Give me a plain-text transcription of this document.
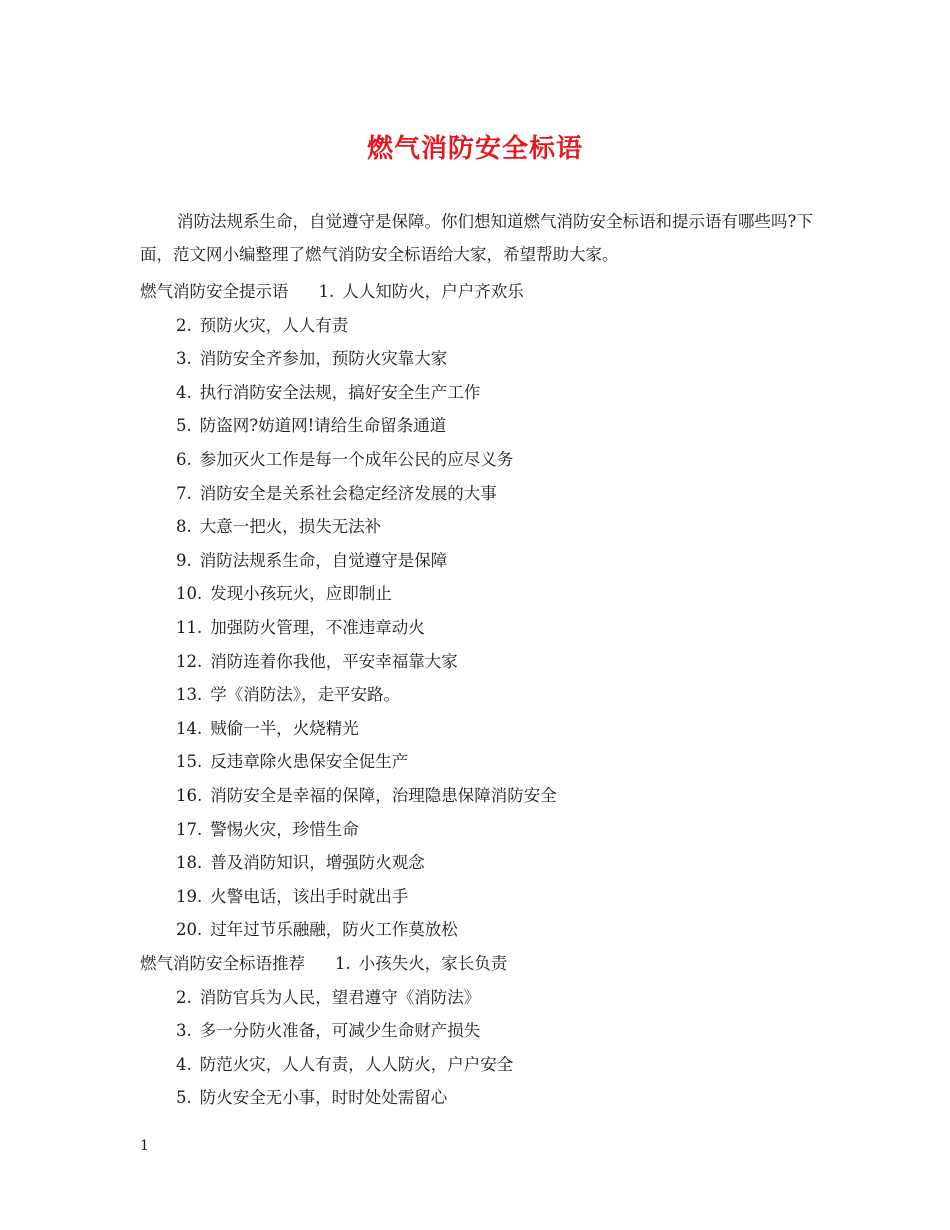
燃气消防安全标语
消防法规系生命，自觉遵守是保障。你们想知道燃气消防安全标语和提示语有哪些吗?下面，范文网小编整理了燃气消防安全标语给大家，希望帮助大家。
燃气消防安全提示语 1. 人人知防火，户户齐欢乐
2. 预防火灾，人人有责
3. 消防安全齐参加，预防火灾靠大家
4. 执行消防安全法规，搞好安全生产工作
5. 防盗网?妨道网!请给生命留条通道
6. 参加灭火工作是每一个成年公民的应尽义务
7. 消防安全是关系社会稳定经济发展的大事
8. 大意一把火，损失无法补
9. 消防法规系生命，自觉遵守是保障
10. 发现小孩玩火，应即制止
11. 加强防火管理，不准违章动火
12. 消防连着你我他，平安幸福靠大家
13. 学《消防法》，走平安路。
14. 贼偷一半，火烧精光
15. 反违章除火患保安全促生产
16. 消防安全是幸福的保障，治理隐患保障消防安全
17. 警惕火灾，珍惜生命
18. 普及消防知识，增强防火观念
19. 火警电话，该出手时就出手
20. 过年过节乐融融，防火工作莫放松
燃气消防安全标语推荐 1. 小孩失火，家长负责
2. 消防官兵为人民，望君遵守《消防法》
3. 多一分防火准备，可减少生命财产损失
4. 防范火灾，人人有责，人人防火，户户安全
5. 防火安全无小事，时时处处需留心
1
